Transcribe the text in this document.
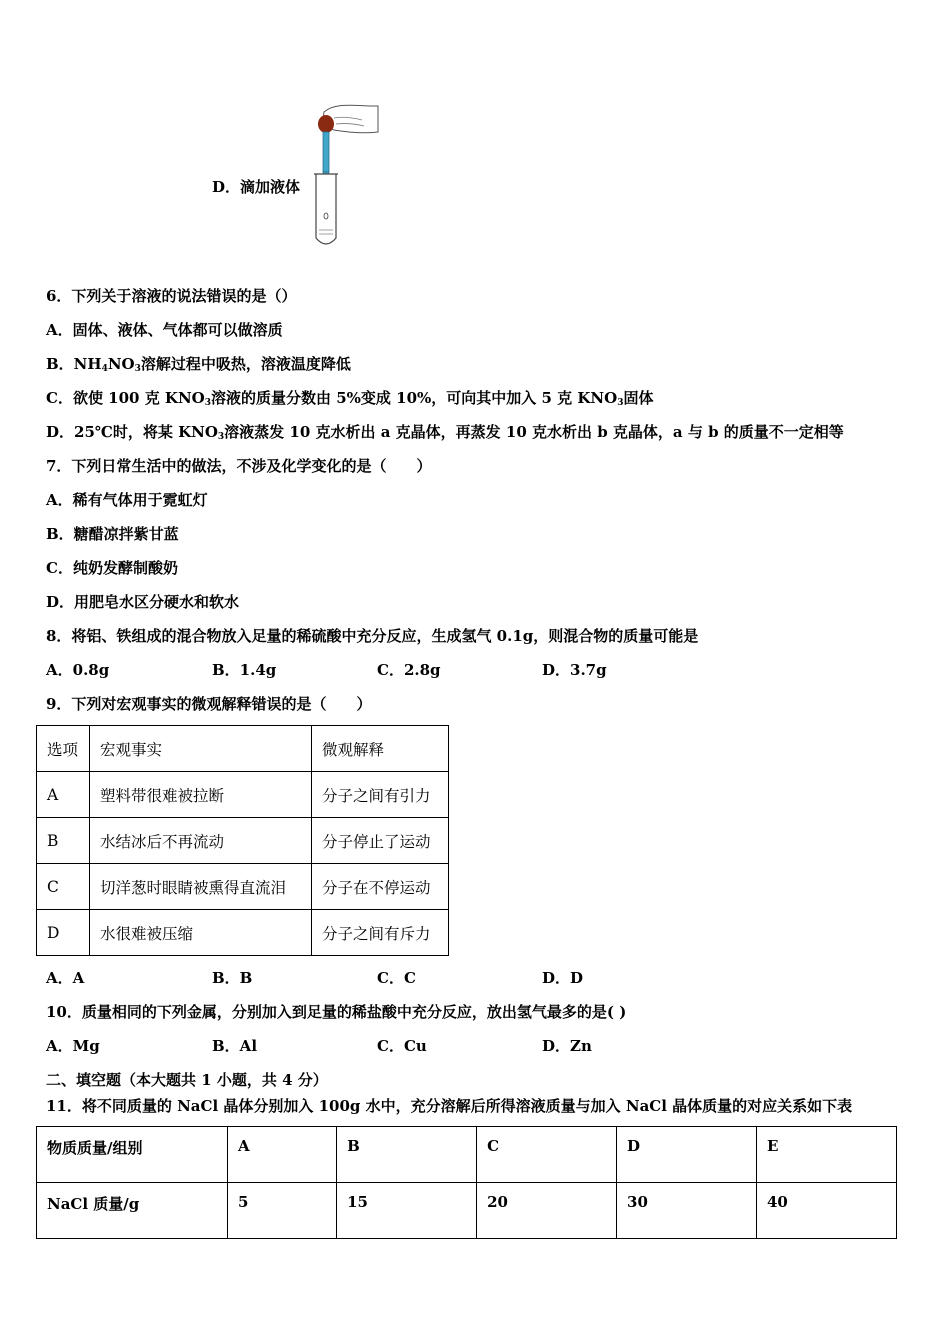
D．滴加液体
6．下列关于溶液的说法错误的是（）
A．固体、液体、气体都可以做溶质
B．$NH_4NO_3$溶解过程中吸热，溶液温度降低
C．欲使 100 克 $KNO_3$溶液的质量分数由 5%变成 10%，可向其中加入 5 克 $KNO_3$固体
D．25℃时，将某 $KNO_3$溶液蒸发 10 克水析出 a 克晶体，再蒸发 10 克水析出 b 克晶体，a 与 b 的质量不一定相等
7．下列日常生活中的做法，不涉及化学变化的是（　　）
A．稀有气体用于霓虹灯
B．糖醋凉拌紫甘蓝
C．纯奶发酵制酸奶
D．用肥皂水区分硬水和软水
8．将铝、铁组成的混合物放入足量的稀硫酸中充分反应，生成氢气 0.1g，则混合物的质量可能是
A．0.8g	B．1.4g	C．2.8g	D．3.7g
9．下列对宏观事实的微观解释错误的是（　　）
选项	宏观事实	微观解释
A	塑料带很难被拉断	分子之间有引力
B	水结冰后不再流动	分子停止了运动
C	切洋葱时眼睛被熏得直流泪	分子在不停运动
D	水很难被压缩	分子之间有斥力
A．A	B．B	C．C	D．D
10．质量相同的下列金属，分别加入到足量的稀盐酸中充分反应，放出氢气最多的是( )
A．Mg	B．Al	C．Cu	D．Zn
二、填空题（本大题共 1 小题，共 4 分）
11．将不同质量的 NaCl 晶体分别加入 100g 水中，充分溶解后所得溶液质量与加入 NaCl 晶体质量的对应关系如下表
物质质量/组别	A	B	C	D	E
NaCl 质量/g	5	15	20	30	40
